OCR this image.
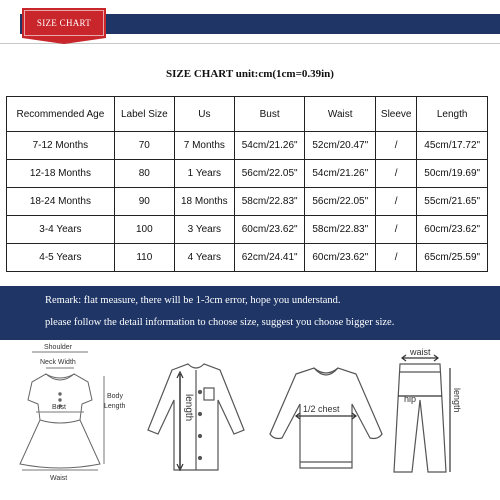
SIZE CHART
SIZE CHART unit:cm(1cm=0.39in)
Recommended Age	Label Size	Us	Bust	Waist	Sleeve	Length
7-12 Months	70	7 Months	54cm/21.26"	52cm/20.47"	/	45cm/17.72"
12-18 Months	80	1 Years	56cm/22.05"	54cm/21.26"	/	50cm/19.69"
18-24 Months	90	18 Months	58cm/22.83"	56cm/22.05"	/	55cm/21.65"
3-4 Years	100	3 Years	60cm/23.62"	58cm/22.83"	/	60cm/23.62"
4-5 Years	110	4 Years	62cm/24.41"	60cm/23.62"	/	65cm/25.59"
Remark: flat measure, there will be 1-3cm error, hope you understand.
please follow the detail information to choose size, suggest you choose bigger size.
Shoulder
Neck Width
Bust
Waist
Body
Length	length	1/2 chest
waist
hip	length
